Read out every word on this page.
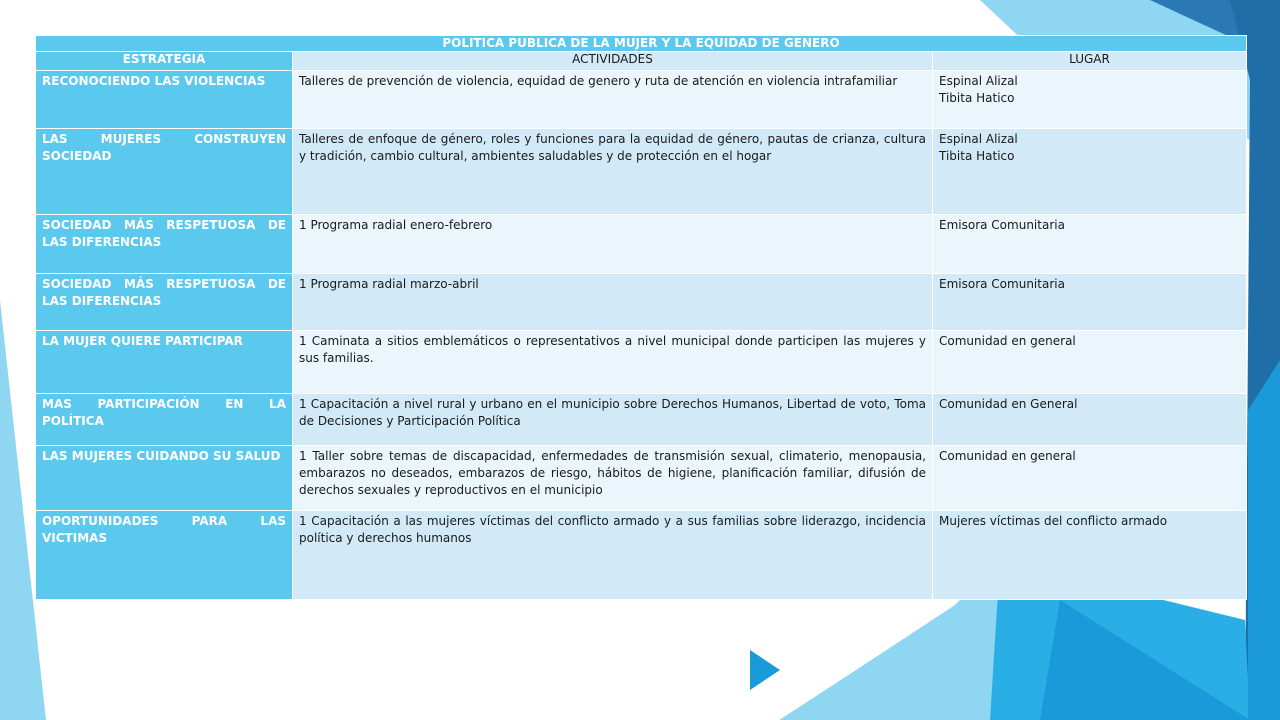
POLITICA PUBLICA DE LA MUJER Y LA EQUIDAD DE GENERO		
ESTRATEGIA	ACTIVIDADES	LUGAR
RECONOCIENDO LAS VIOLENCIAS	Talleres de prevención de violencia, equidad de genero y ruta de atención en violencia intrafamiliar	Espinal Alizal
Tibita Hatico

LAS MUJERES CONSTRUYEN SOCIEDAD	Talleres de enfoque de género, roles y funciones para la equidad de género, pautas de crianza, cultura y tradición, cambio cultural, ambientes saludables y de protección en el hogar	Espinal Alizal
Tibita Hatico

SOCIEDAD MÁS RESPETUOSA DE LAS DIFERENCIAS	1 Programa radial enero-febrero	Emisora Comunitaria

SOCIEDAD MÁS RESPETUOSA DE LAS DIFERENCIAS	1 Programa radial marzo-abril	Emisora Comunitaria

LA MUJER QUIERE PARTICIPAR	1 Caminata a sitios emblemáticos o representativos a nivel municipal donde participen las mujeres y sus familias.	Comunidad en general

MAS PARTICIPACIÓN EN LA POLÍTICA	1 Capacitación a nivel rural y urbano en el municipio sobre Derechos Humanos, Libertad de voto, Toma de Decisiones y Participación Política	Comunidad en General

LAS MUJERES CUIDANDO SU SALUD	1 Taller sobre temas de discapacidad, enfermedades de transmisión sexual, climaterio, menopausia, embarazos no deseados, embarazos de riesgo, hábitos de higiene, planificación familiar, difusión de derechos sexuales y reproductivos en el municipio	Comunidad en general

OPORTUNIDADES PARA LAS VICTIMAS	1 Capacitación a las mujeres víctimas del conflicto armado y a sus familias sobre liderazgo, incidencia política y derechos humanos	Mujeres víctimas del conflicto armado
